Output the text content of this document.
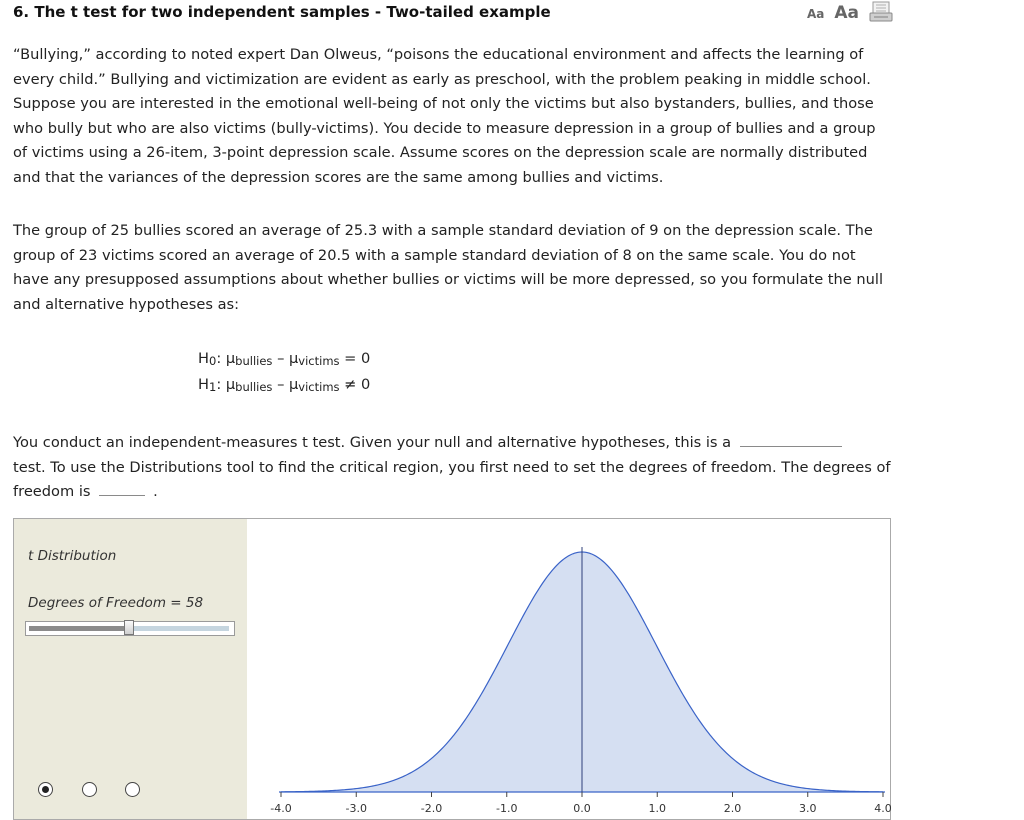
6. The t test for two independent samples - Two-tailed example	Aa Aa
“Bullying,” according to noted expert Dan Olweus, “poisons the educational environment and affects the learning of every child.” Bullying and victimization are evident as early as preschool, with the problem peaking in middle school. Suppose you are interested in the emotional well-being of not only the victims but also bystanders, bullies, and those who bully but who are also victims (bully-victims). You decide to measure depression in a group of bullies and a group of victims using a 26-item, 3-point depression scale. Assume scores on the depression scale are normally distributed and that the variances of the depression scores are the same among bullies and victims.
The group of 25 bullies scored an average of 25.3 with a sample standard deviation of 9 on the depression scale. The group of 23 victims scored an average of 20.5 with a sample standard deviation of 8 on the same scale. You do not have any presupposed assumptions about whether bullies or victims will be more depressed, so you formulate the null and alternative hypotheses as:
H0: μbullies – μvictims = 0
H1: μbullies – μvictims ≠ 0
You conduct an independent-measures t test. Given your null and alternative hypotheses, this is a
test. To use the Distributions tool to find the critical region, you first need to set the degrees of freedom. The degrees of freedom is	.
t Distribution
Degrees of Freedom = 58
-4.0	-3.0	-2.0	-1.0	0.0	1.0	2.0	3.0	4.0
